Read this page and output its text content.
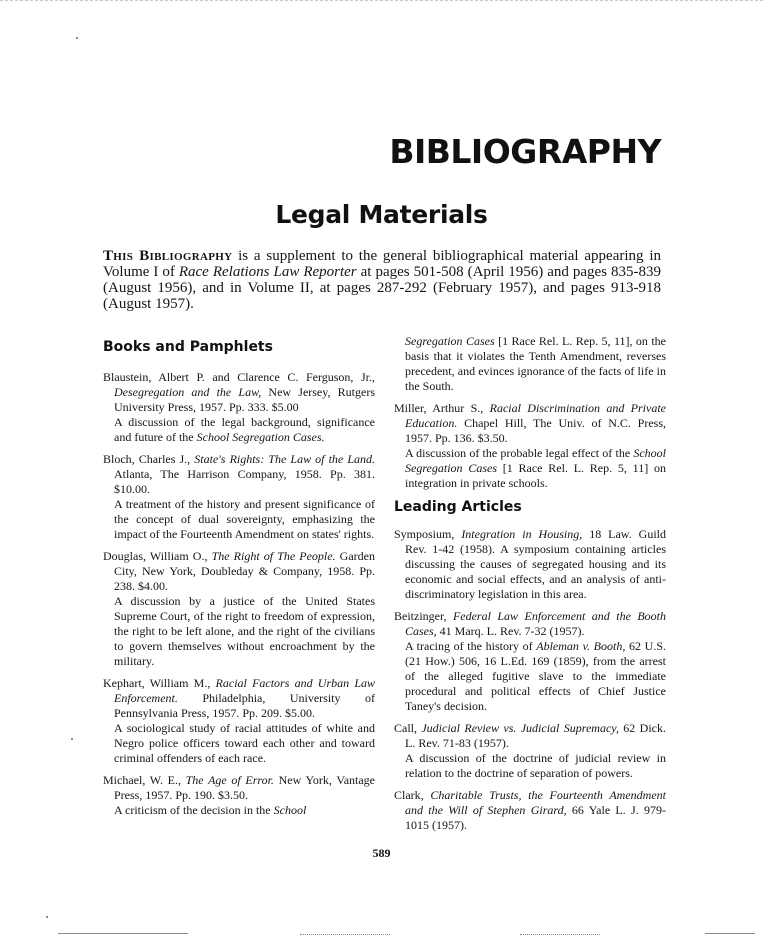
BIBLIOGRAPHY
Legal Materials
This Bibliography is a supplement to the general bibliographical material appearing in Volume I of Race Relations Law Reporter at pages 501-508 (April 1956) and pages 835-839 (August 1956), and in Volume II, at pages 287-292 (February 1957), and pages 913-918 (August 1957).
Books and Pamphlets
Blaustein, Albert P. and Clarence C. Ferguson, Jr., Desegregation and the Law, New Jersey, Rutgers University Press, 1957. Pp. 333. $5.00
A discussion of the legal background, significance and future of the School Segregation Cases.
Bloch, Charles J., State's Rights: The Law of the Land. Atlanta, The Harrison Company, 1958. Pp. 381. $10.00.
A treatment of the history and present significance of the concept of dual sovereignty, emphasizing the impact of the Fourteenth Amendment on states' rights.
Douglas, William O., The Right of The People. Garden City, New York, Doubleday & Company, 1958. Pp. 238. $4.00.
A discussion by a justice of the United States Supreme Court, of the right to freedom of expression, the right to be left alone, and the right of the civilians to govern themselves without encroachment by the military.
Kephart, William M., Racial Factors and Urban Law Enforcement. Philadelphia, University of Pennsylvania Press, 1957. Pp. 209. $5.00.
A sociological study of racial attitudes of white and Negro police officers toward each other and toward criminal offenders of each race.
Michael, W. E., The Age of Error. New York, Vantage Press, 1957. Pp. 190. $3.50.
A criticism of the decision in the School
Segregation Cases [1 Race Rel. L. Rep. 5, 11], on the basis that it violates the Tenth Amendment, reverses precedent, and evinces ignorance of the facts of life in the South.
Miller, Arthur S., Racial Discrimination and Private Education. Chapel Hill, The Univ. of N.C. Press, 1957. Pp. 136. $3.50.
A discussion of the probable legal effect of the School Segregation Cases [1 Race Rel. L. Rep. 5, 11] on integration in private schools.
Leading Articles
Symposium, Integration in Housing, 18 Law. Guild Rev. 1-42 (1958). A symposium containing articles discussing the causes of segregated housing and its economic and social effects, and an analysis of anti-discriminatory legislation in this area.
Beitzinger, Federal Law Enforcement and the Booth Cases, 41 Marq. L. Rev. 7-32 (1957).
A tracing of the history of Ableman v. Booth, 62 U.S. (21 How.) 506, 16 L.Ed. 169 (1859), from the arrest of the alleged fugitive slave to the immediate procedural and political effects of Chief Justice Taney's decision.
Call, Judicial Review vs. Judicial Supremacy, 62 Dick. L. Rev. 71-83 (1957).
A discussion of the doctrine of judicial review in relation to the doctrine of separation of powers.
Clark, Charitable Trusts, the Fourteenth Amendment and the Will of Stephen Girard, 66 Yale L. J. 979-1015 (1957).
589
